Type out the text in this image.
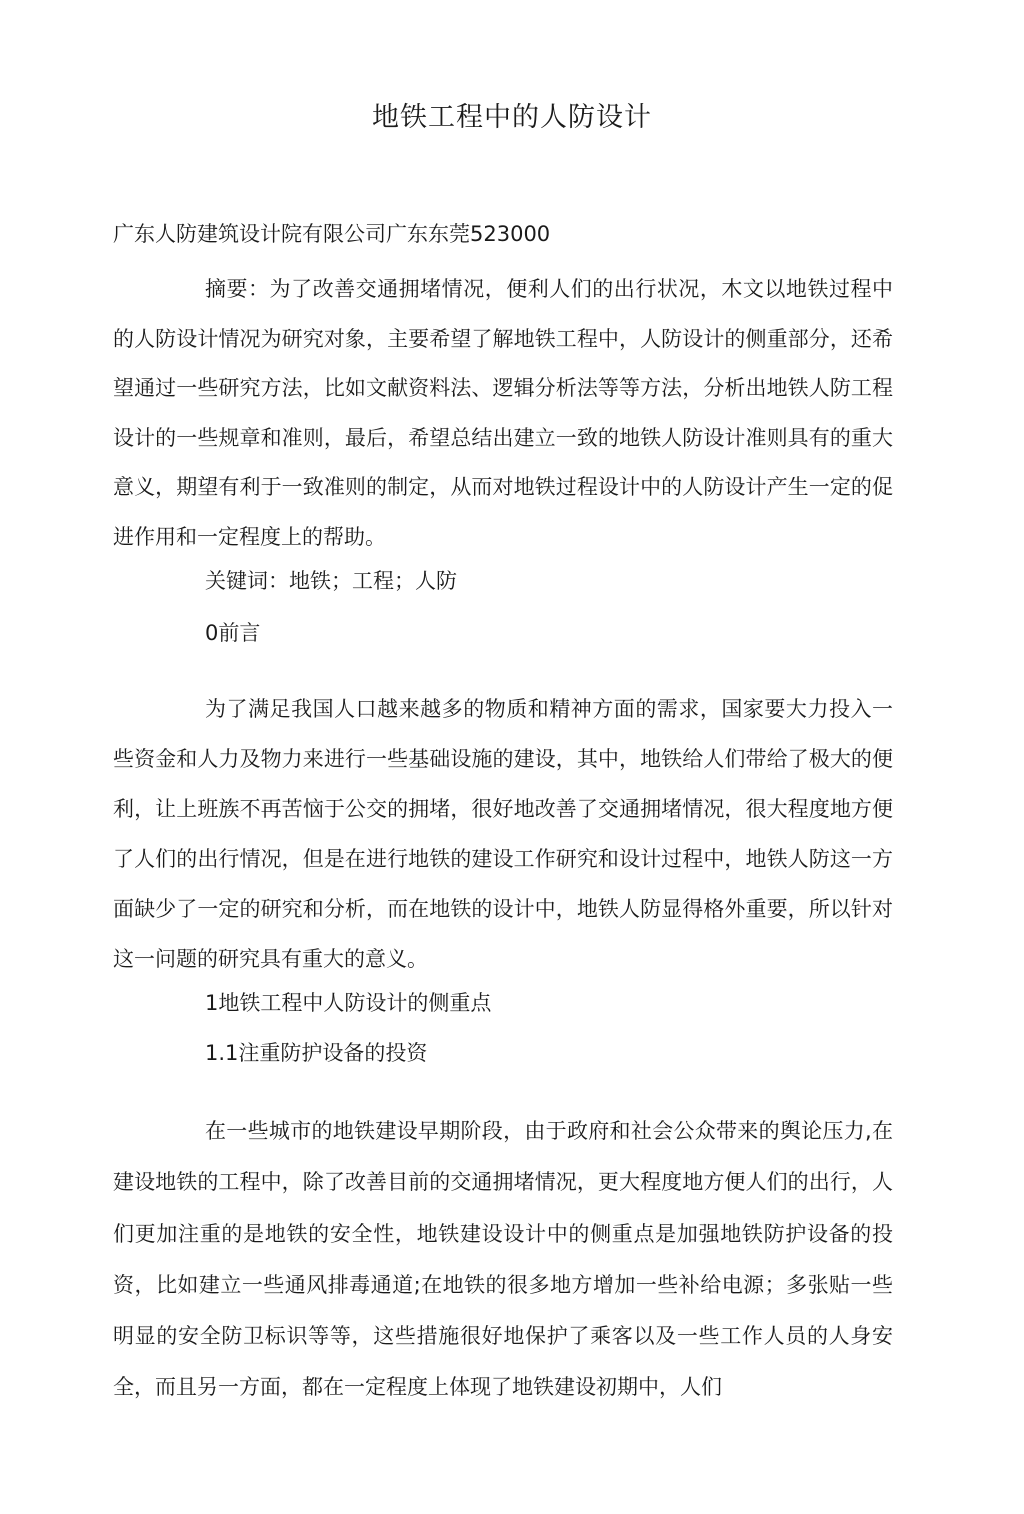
地铁工程中的人防设计
广东人防建筑设计院有限公司广东东莞523000

摘要：为了改善交通拥堵情况，便利人们的出行状况，木文以地铁过程中的人防设计情况为研究对象，主要希望了解地铁工程中，人防设计的侧重部分，还希望通过一些研究方法，比如文献资料法、逻辑分析法等等方法，分析出地铁人防工程设计的一些规章和准则，最后，希望总结出建立一致的地铁人防设计准则具有的重大意义，期望有利于一致准则的制定，从而对地铁过程设计中的人防设计产生一定的促进作用和一定程度上的帮助。

关键词：地铁；工程；人防

0前言

为了满足我国人口越来越多的物质和精神方面的需求，国家要大力投入一些资金和人力及物力来进行一些基础设施的建设，其中，地铁给人们带给了极大的便利，让上班族不再苦恼于公交的拥堵，很好地改善了交通拥堵情况，很大程度地方便了人们的出行情况，但是在进行地铁的建设工作研究和设计过程中，地铁人防这一方面缺少了一定的研究和分析，而在地铁的设计中，地铁人防显得格外重要，所以针对这一问题的研究具有重大的意义。

1地铁工程中人防设计的侧重点

1.1注重防护设备的投资

在一些城市的地铁建设早期阶段，由于政府和社会公众带来的舆论压力,在建设地铁的工程中，除了改善目前的交通拥堵情况，更大程度地方便人们的出行，人们更加注重的是地铁的安全性，地铁建设设计中的侧重点是加强地铁防护设备的投资，比如建立一些通风排毒通道;在地铁的很多地方增加一些补给电源；多张贴一些明显的安全防卫标识等等，这些措施很好地保护了乘客以及一些工作人员的人身安全，而且另一方面，都在一定程度上体现了地铁建设初期中，人们
